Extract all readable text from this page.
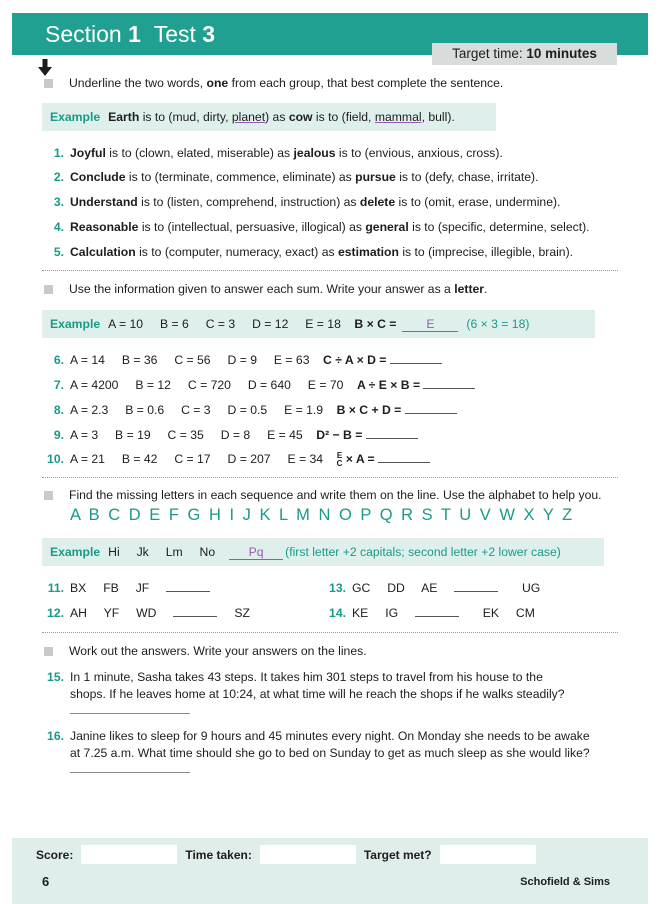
Section 1 Test 3
Target time: 10 minutes
Underline the two words,
one
from each group, that best complete the sentence.
Example Earth
is to (mud, dirty,
planet ) as
cow
is to (field,
mammal , bull).
1. Joyful is to (clown, elated, miserable) as jealous is to (envious, anxious, cross).
2. Conclude is to (terminate, commence, eliminate) as pursue is to (defy, chase, irritate).
3. Understand is to (listen, comprehend, instruction) as delete is to (omit, erase, undermine).
4. Reasonable is to (intellectual, persuasive, illogical) as general is to (specific, determine, select).
5. Calculation is to (computer, numeracy, exact) as estimation is to (imprecise, illegible, brain).
Use the information given to answer each sum. Write your answer as a
letter .
Example A = 10     B = 6     C = 3     D = 12     E = 18
B × C =	E	(6 × 3 = 18)
6. A = 14     B = 36     C = 56     D = 9     E = 63 C ÷ A × D =
7. A = 4200     B = 12     C = 720     D = 640     E = 70 A ÷ E × B =
8. A = 2.3     B = 0.6     C = 3     D = 0.5     E = 1.9 B × C + D =
9. A = 3     B = 19     C = 35     D = 8     E = 45 D² − B =
10. A = 21     B = 42     C = 17     D = 207     E = 34 E
C × A =
Find the missing letters in each sequence and write them on the line. Use the alphabet to help you.
A B C D E F G H I J K L M N O P Q R S T U V W X Y Z
Example Hi     Jk     Lm     No	Pq	(first letter +2 capitals; second letter +2 lower case)
11. BX     FB     JF
12. AH     YF     WD	SZ
13. GC     DD     AE	UG
14. KE     IG	EK     CM
Work out the answers. Write your answers on the lines.
15. In 1 minute, Sasha takes 43 steps. It takes him 301 steps to travel from his house to the
shops. If he leaves home at 10:24, at what time will he reach the shops if he walks steadily?
16. Janine likes to sleep for 9 hours and 45 minutes every night. On Monday she needs to be awake
at 7.25 a.m. What time should she go to bed on Sunday to get as much sleep as she would like?
Score:	Time taken:	Target met?
6	Schofield & Sims
